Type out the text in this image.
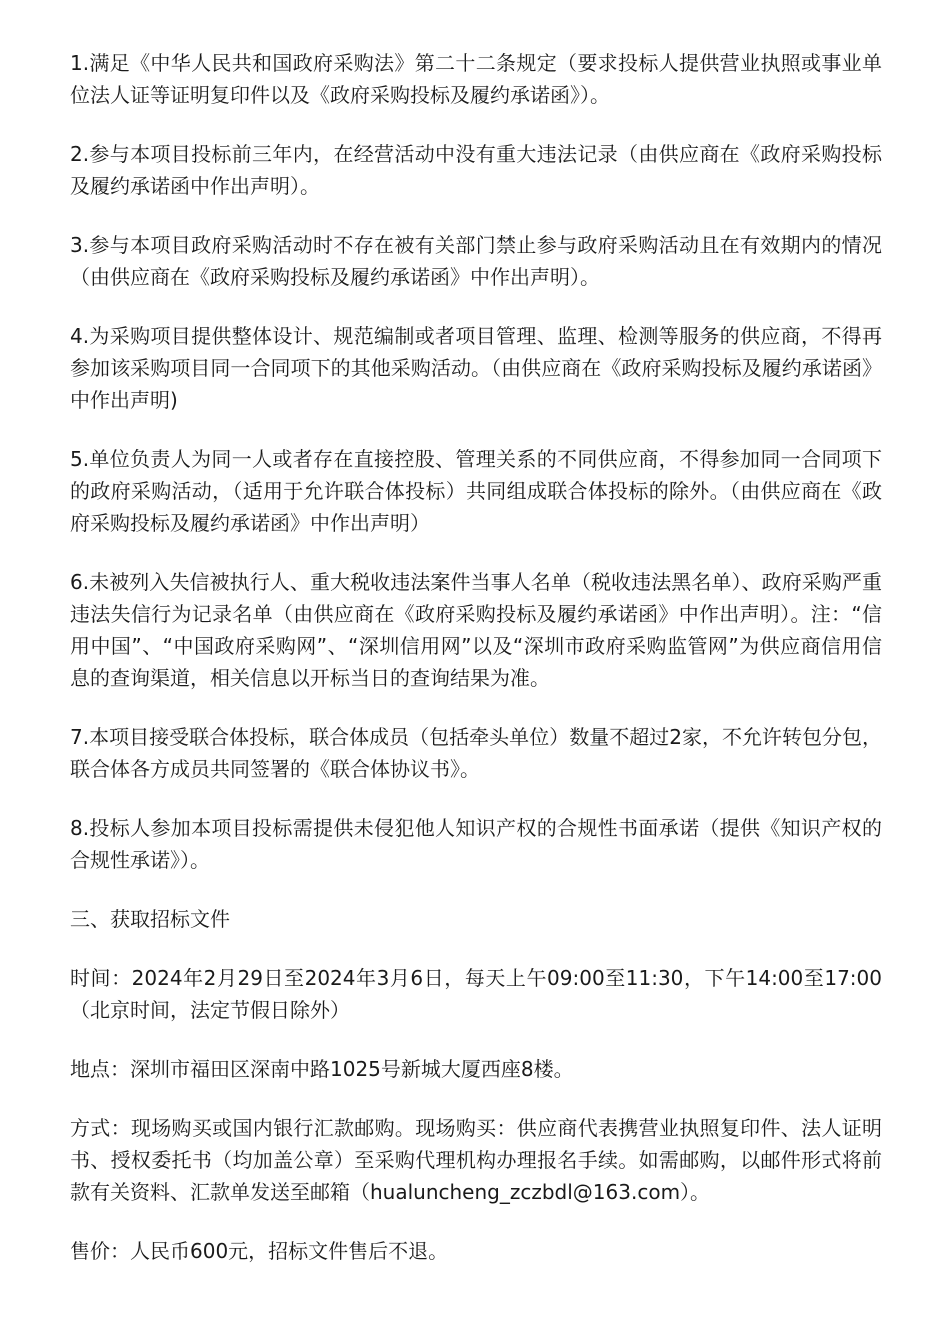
1.满足《中华人民共和国政府采购法》第二十二条规定（要求投标人提供营业执照或事业单位法人证等证明复印件以及《政府采购投标及履约承诺函》）。

2.参与本项目投标前三年内，在经营活动中没有重大违法记录（由供应商在《政府采购投标及履约承诺函中作出声明）。

3.参与本项目政府采购活动时不存在被有关部门禁止参与政府采购活动且在有效期内的情况（由供应商在《政府采购投标及履约承诺函》中作出声明）。

4.为采购项目提供整体设计、规范编制或者项目管理、监理、检测等服务的供应商，不得再参加该采购项目同一合同项下的其他采购活动。（由供应商在《政府采购投标及履约承诺函》中作出声明)

5.单位负责人为同一人或者存在直接控股、管理关系的不同供应商，不得参加同一合同项下的政府采购活动，（适用于允许联合体投标）共同组成联合体投标的除外。（由供应商在《政府采购投标及履约承诺函》中作出声明）

6.未被列入失信被执行人、重大税收违法案件当事人名单（税收违法黑名单）、政府采购严重违法失信行为记录名单（由供应商在《政府采购投标及履约承诺函》中作出声明）。注：“信用中国”、“中国政府采购网”、“深圳信用网”以及“深圳市政府采购监管网”为供应商信用信息的查询渠道，相关信息以开标当日的查询结果为准。

7.本项目接受联合体投标，联合体成员（包括牵头单位）数量不超过2家，不允许转包分包，联合体各方成员共同签署的《联合体协议书》。

8.投标人参加本项目投标需提供未侵犯他人知识产权的合规性书面承诺（提供《知识产权的合规性承诺》）。

三、获取招标文件

时间：2024年2月29日至2024年3月6日，每天上午09:00至11:30，下午14:00至17:00（北京时间，法定节假日除外）

地点：深圳市福田区深南中路1025号新城大厦西座8楼。

方式：现场购买或国内银行汇款邮购。现场购买：供应商代表携营业执照复印件、法人证明书、授权委托书（均加盖公章）至采购代理机构办理报名手续。如需邮购，以邮件形式将前款有关资料、汇款单发送至邮箱（hualuncheng_zczbdl@163.com）。

售价：人民币600元，招标文件售后不退。
